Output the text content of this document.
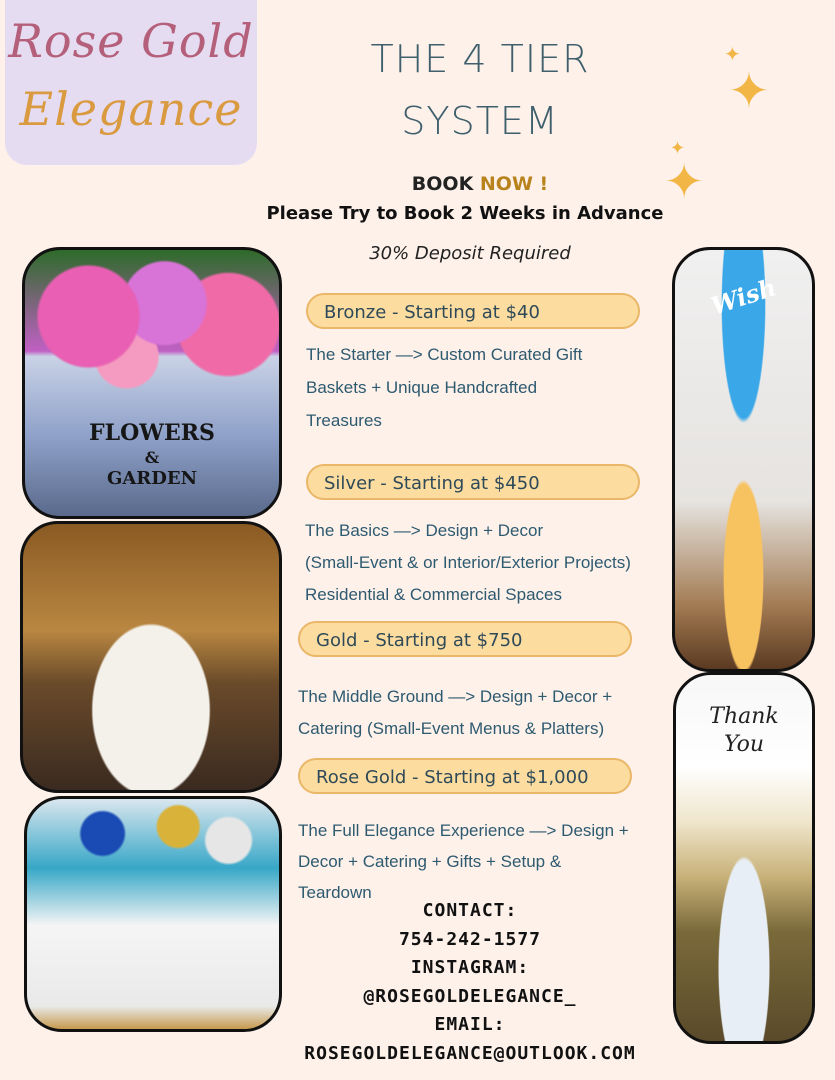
Rose Gold
Elegance
THE 4 TIER
SYSTEM
✦
✦
✦
✦
BOOK NOW !
Please Try to Book 2 Weeks in Advance
30% Deposit Required
Bronze - Starting at $40
The Starter —> Custom Curated Gift
Baskets + Unique Handcrafted
Treasures
Silver - Starting at $450
The Basics —> Design + Decor
(Small-Event & or Interior/Exterior Projects)
Residential & Commercial Spaces
Gold - Starting at $750
The Middle Ground —> Design + Decor +
Catering (Small-Event Menus & Platters)
Rose Gold - Starting at $1,000
The Full Elegance Experience —> Design +
Decor + Catering + Gifts + Setup &
Teardown
FLOWERS
&
GARDEN
Wish
Thank
You
CONTACT:
754-242-1577
INSTAGRAM:
@ROSEGOLDELEGANCE_
EMAIL:
ROSEGOLDELEGANCE@OUTLOOK.COM
